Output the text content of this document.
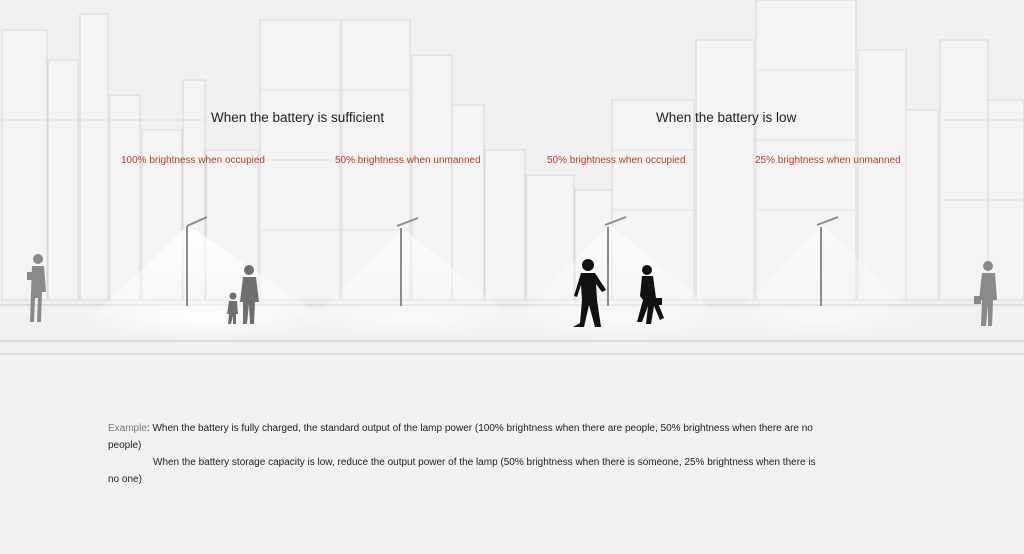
When the battery is sufficient	When the battery is low
100% brightness when occupied	50% brightness when unmanned	50% brightness when occupied	25% brightness when unmanned
Example: When the battery is fully charged, the standard output of the lamp power (100% brightness when there are people, 50% brightness when there are no
people)
When the battery storage capacity is low, reduce the output power of the lamp (50% brightness when there is someone, 25% brightness when there is
no one)
